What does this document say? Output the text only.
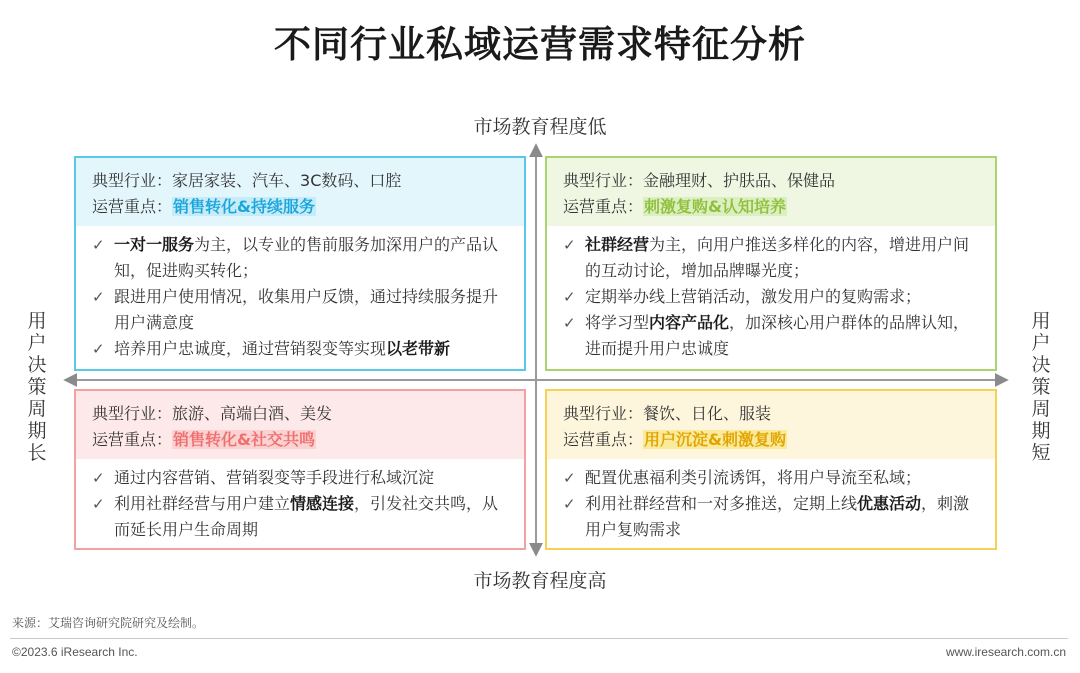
不同行业私域运营需求特征分析
市场教育程度低
市场教育程度高
用
户
决
策
周
期
长
用
户
决
策
周
期
短
典型行业：家居家装、汽车、3C数码、口腔
运营重点：销售转化&持续服务
✓ 一对一服务为主，以专业的售前服务加深用户的产品认知，促进购买转化；
✓ 跟进用户使用情况，收集用户反馈，通过持续服务提升用户满意度
✓ 培养用户忠诚度，通过营销裂变等实现以老带新
典型行业：金融理财、护肤品、保健品
运营重点：刺激复购&认知培养
✓ 社群经营为主，向用户推送多样化的内容，增进用户间的互动讨论，增加品牌曝光度；
✓ 定期举办线上营销活动，激发用户的复购需求；
✓ 将学习型内容产品化，加深核心用户群体的品牌认知，进而提升用户忠诚度
典型行业：旅游、高端白酒、美发
运营重点：销售转化&社交共鸣
✓ 通过内容营销、营销裂变等手段进行私域沉淀
✓ 利用社群经营与用户建立情感连接，引发社交共鸣，从而延长用户生命周期
典型行业：餐饮、日化、服装
运营重点：用户沉淀&刺激复购
✓ 配置优惠福利类引流诱饵，将用户导流至私域；
✓ 利用社群经营和一对多推送，定期上线优惠活动，刺激用户复购需求
来源：艾瑞咨询研究院研究及绘制。
©2023.6 iResearch Inc.	www.iresearch.com.cn
